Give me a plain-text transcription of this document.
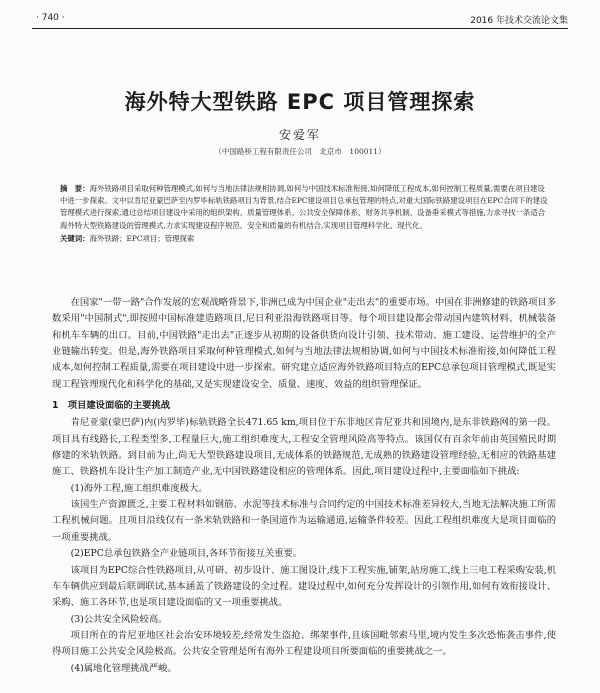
· 740 ·	2016 年技术交流论文集
海外特大型铁路 EPC 项目管理探索
安爱军
（中国路桥工程有限责任公司　北京市　100011）

摘　要：海外铁路项目采取何种管理模式,如何与当地法律法规相协调,如何与中国技术标准衔接,如何降低工程成本,如何控制工程质量,需要在项目建设中进一步探索。文中以肯尼亚蒙巴萨至内罗毕标轨铁路项目为背景,结合EPC建设项目总承包管理的特点,对重大国际铁路建设项目在EPC合同下的建设管理模式进行探索,通过总结项目建设中采用的组织架构、质量管理体系、公共安全保障体系、财务共享机制、设备垂采模式等措施,力求寻找一条适合海外特大型铁路建设的管理模式,力求实现建设程序规范、安全和质量的有机结合,实现项目管理科学化、现代化。

关键词：海外铁路；EPC项目；管理探索

在国家"一带一路"合作发展的宏观战略背景下,非洲已成为中国企业"走出去"的重要市场。中国在非洲修建的铁路项目多数采用"中国制式",即按照中国标准建造路项目,尼日利亚沿海铁路项目等。每个项目建设都会带动国内建筑材料、机械装备和机车车辆的出口。目前,中国铁路"走出去"正逐步从初期的设备供货向设计引领、技术带动、施工建设、运营维护的全产业链输出转变。但是,海外铁路项目采取何种管理模式,如何与当地法律法规相协调,如何与中国技术标准衔接,如何降低工程成本,如何控制工程质量,需要在项目建设中进一步探索。研究建立适应海外铁路项目特点的EPC总承包项目管理模式,既是实现工程管理现代化和科学化的基础,又是实现建设安全、质量、速度、效益的组织管理保证。

1　项目建设面临的主要挑战

肯尼亚蒙(蒙巴萨)内(内罗毕)标轨铁路全长471.65 km,项目位于东非地区肯尼亚共和国境内,是东非铁路网的第一段。项目具有线路长,工程类型多,工程量巨大,施工组织难度大,工程安全管理风险高等特点。该国仅有百余年前由英国殖民时期修建的米轨铁路。到目前为止,尚无大型铁路建设项目,无成体系的铁路规范,无成熟的铁路建设管理经验,无相应的铁路基建施工、铁路机车设计生产加工制造产业,无中国铁路建设相应的管理体系。因此,项目建设过程中,主要面临如下挑战:

(1)海外工程,施工组织难度极大。

该国生产资源匮乏,主要工程材料如钢筋、水泥等技术标准与合同约定的中国技术标准差异较大,当地无法解决施工所需工程机械问题。且项目沿线仅有一条米轨铁路和一条国道作为运输通道,运输条件较差。因此工程组织难度大是项目面临的一项重要挑战。

(2)EPC总承包铁路全产业链项目,各环节衔接互关重要。

该项目为EPC综合性铁路项目,从可研、初步设计、施工图设计,线下工程实施,铺架,站房施工,线上三电工程采购安装,机车车辆供应到最后联调联试,基本涵盖了铁路建设的全过程。建设过程中,如何充分发挥设计的引领作用,如何有效衔接设计、采购、施工各环节,也是项目建设面临的又一项重要挑战。

(3)公共安全风险较高。

项目所在的肯尼亚地区社会治安环境较差,经常发生盗抢、绑架事件,且该国毗邻索马里,境内发生多次恐怖袭击事件,使得项目施工公共安全风险极高。公共安全管理是所有海外工程建设项目所要面临的重要挑战之一。

(4)属地化管理挑战严峻。
